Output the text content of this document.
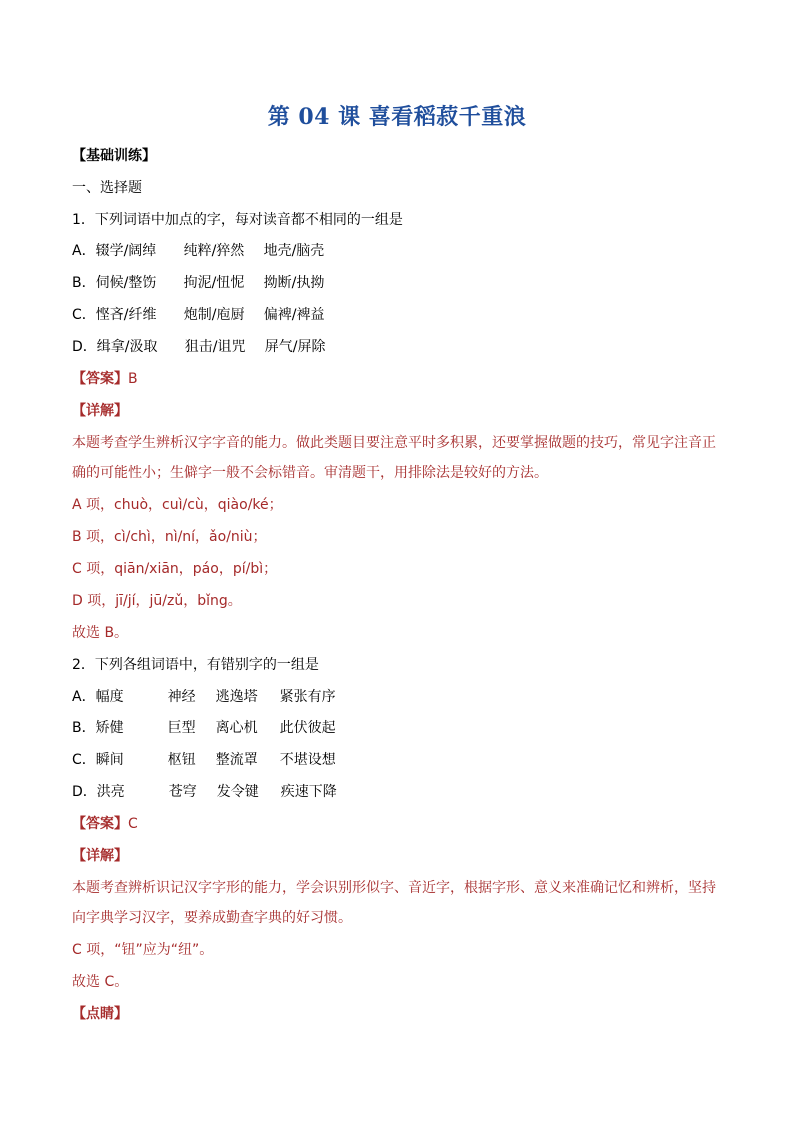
第 04 课 喜看稻菽千重浪
【基础训练】
一、选择题
1．下列词语中加点的字，每对读音都不相同的一组是
A．辍学/阔绰 纯粹/猝然 地壳/脑壳
B．伺候/整饬 拘泥/忸怩 拗断/执拗
C．悭吝/纤维 炮制/庖厨 偏裨/裨益
D．缉拿/汲取 狙击/诅咒 屏气/屏除
【答案】B
【详解】
本题考查学生辨析汉字字音的能力。做此类题目要注意平时多积累，还要掌握做题的技巧，常见字注音正
确的可能性小；生僻字一般不会标错音。审清题干，用排除法是较好的方法。
A 项，chuò，cuì/cù，qiào/ké；
B 项，cì/chì，nì/ní，ǎo/niù；
C 项，qiān/xiān，páo，pí/bì；
D 项，jī/jí，jū/zǔ，bǐng。
故选 B。
2．下列各组词语中，有错别字的一组是
A．幅度	神经 逃逸塔 紧张有序
B．矫健	巨型 离心机 此伏彼起
C．瞬间	枢钮 整流罩 不堪设想
D．洪亮	苍穹 发令键 疾速下降
【答案】C
【详解】
本题考查辨析识记汉字字形的能力，学会识别形似字、音近字，根据字形、意义来准确记忆和辨析，坚持
向字典学习汉字，要养成勤查字典的好习惯。
C 项，“钮”应为“纽”。
故选 C。
【点睛】
